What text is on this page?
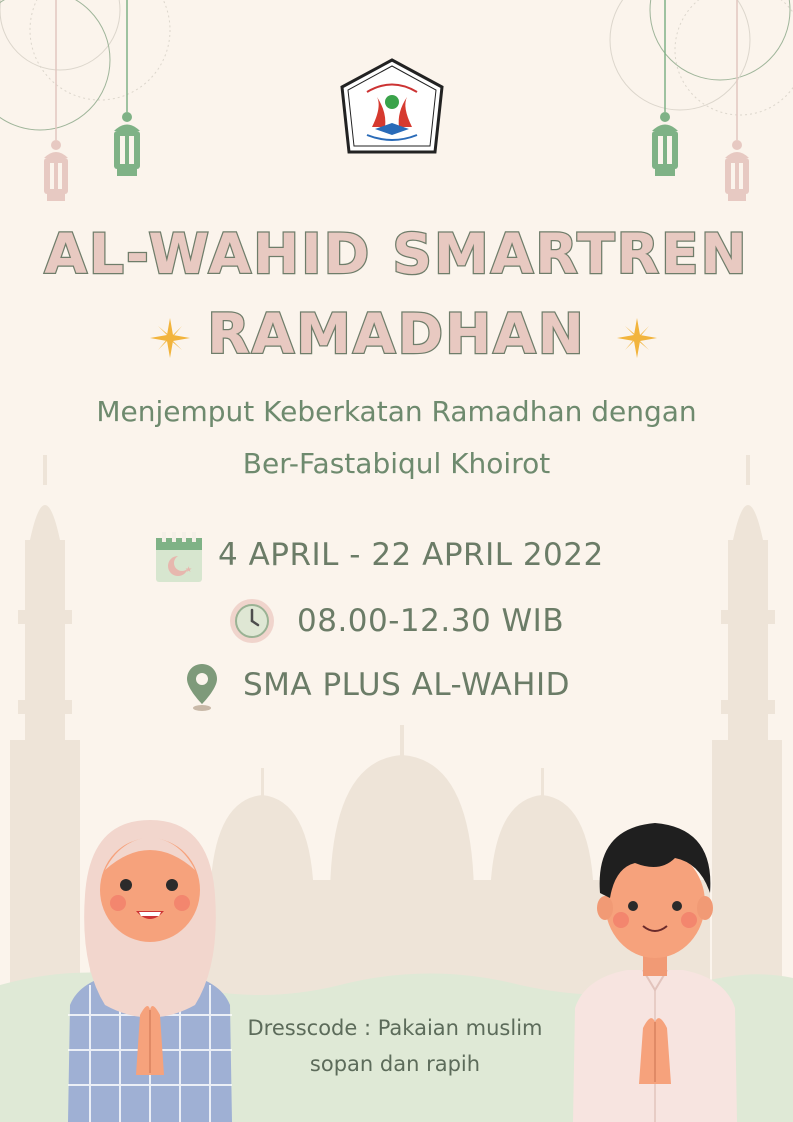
AL-WAHID SMARTREN
RAMADHAN
Menjemput Keberkatan Ramadhan dengan
Ber-Fastabiqul Khoirot
★ 4 APRIL - 22 APRIL 2022
08.00-12.30 WIB
SMA PLUS AL-WAHID
Dresscode : Pakaian muslim
sopan dan rapih
